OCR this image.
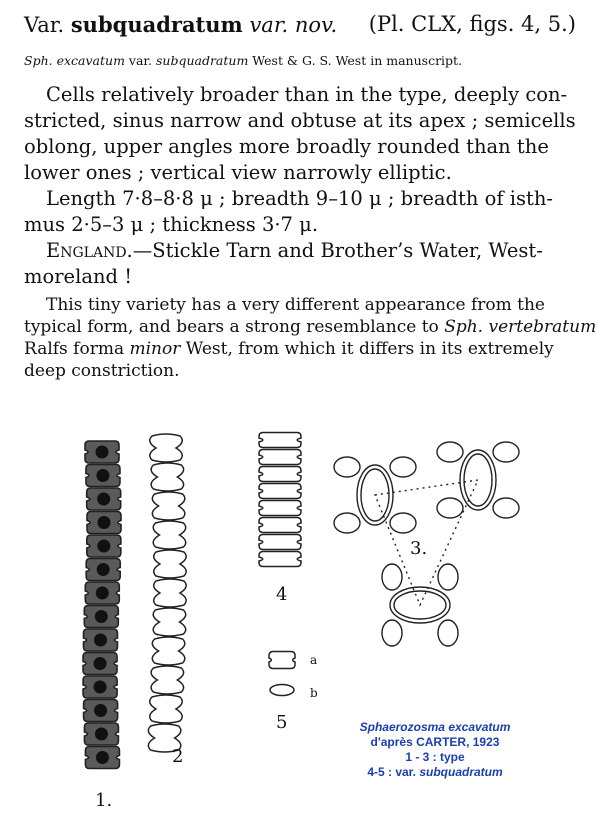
Var. subquadratum var. nov. (Pl. CLX, figs. 4, 5.)
Sph. excavatum var. subquadratum West & G. S. West in manuscript.
Cells relatively broader than in the type, deeply con-
stricted, sinus narrow and obtuse at its apex ; semicells
oblong, upper angles more broadly rounded than the
lower ones ; vertical view narrowly elliptic.
Length 7·8–8·8 μ ; breadth 9–10 μ ; breadth of isth-
mus 2·5–3 μ ; thickness 3·7 μ.
England.—Stickle Tarn and Brother’s Water, West-
moreland !
This tiny variety has a very different appearance from the
typical form, and bears a strong resemblance to Sph. vertebratum
Ralfs forma minor West, from which it differs in its extremely
deep constriction.
1.
2
3.
4
5
a
b
Sphaerozosma excavatum
d'après CARTER, 1923
1 - 3 : type
4-5 : var. subquadratum
